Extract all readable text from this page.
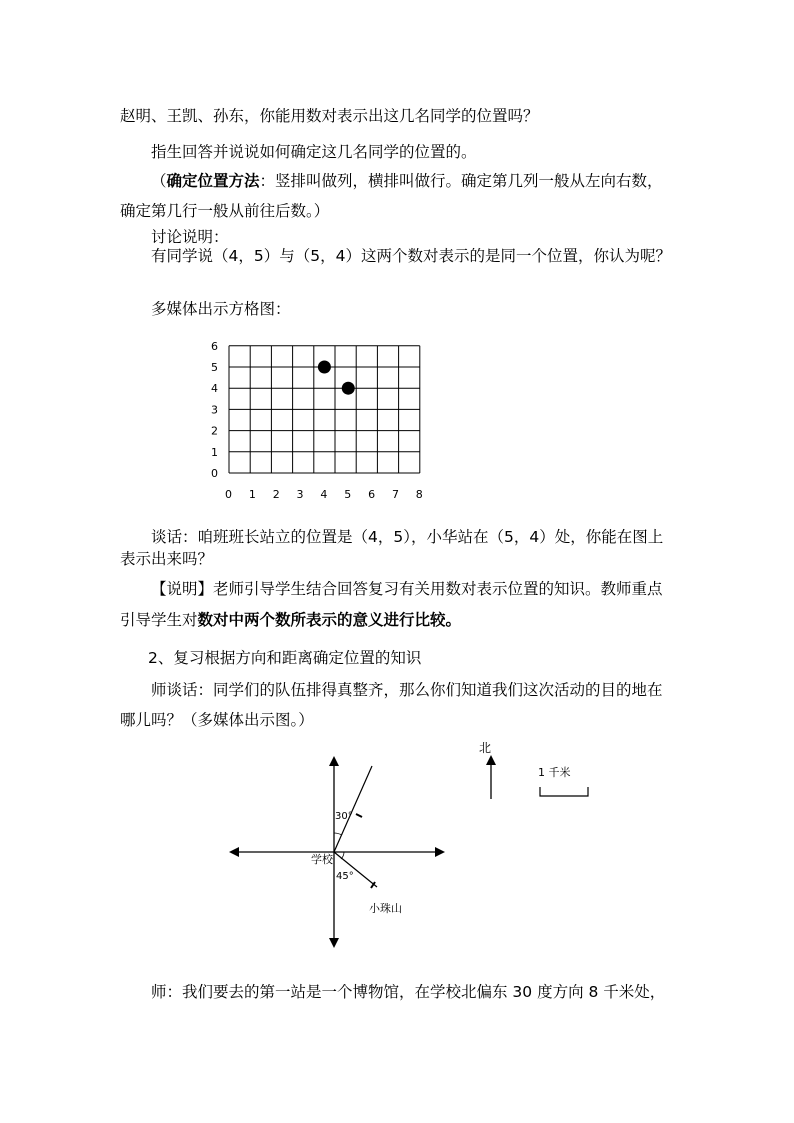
赵明、王凯、孙东，你能用数对表示出这几名同学的位置吗？
指生回答并说说如何确定这几名同学的位置的。
（确定位置方法：竖排叫做列，横排叫做行。确定第几列一般从左向右数，
确定第几行一般从前往后数。）
讨论说明：
有同学说（4，5）与（5，4）这两个数对表示的是同一个位置，你认为呢？
多媒体出示方格图：
0 1 2 3 4 5 6 7 8
0
1
2
3
4
5
6
谈话：咱班班长站立的位置是（4，5），小华站在（5，4）处，你能在图上
表示出来吗？
【说明】老师引导学生结合回答复习有关用数对表示位置的知识。教师重点
引导学生对数对中两个数所表示的意义进行比较。
2、复习根据方向和距离确定位置的知识
师谈话：同学们的队伍排得真整齐，那么你们知道我们这次活动的目的地在
哪儿吗？（多媒体出示图。）
30°
学校
45°
小珠山
北
1 千米
师：我们要去的第一站是一个博物馆，在学校北偏东 30 度方向 8 千米处，
